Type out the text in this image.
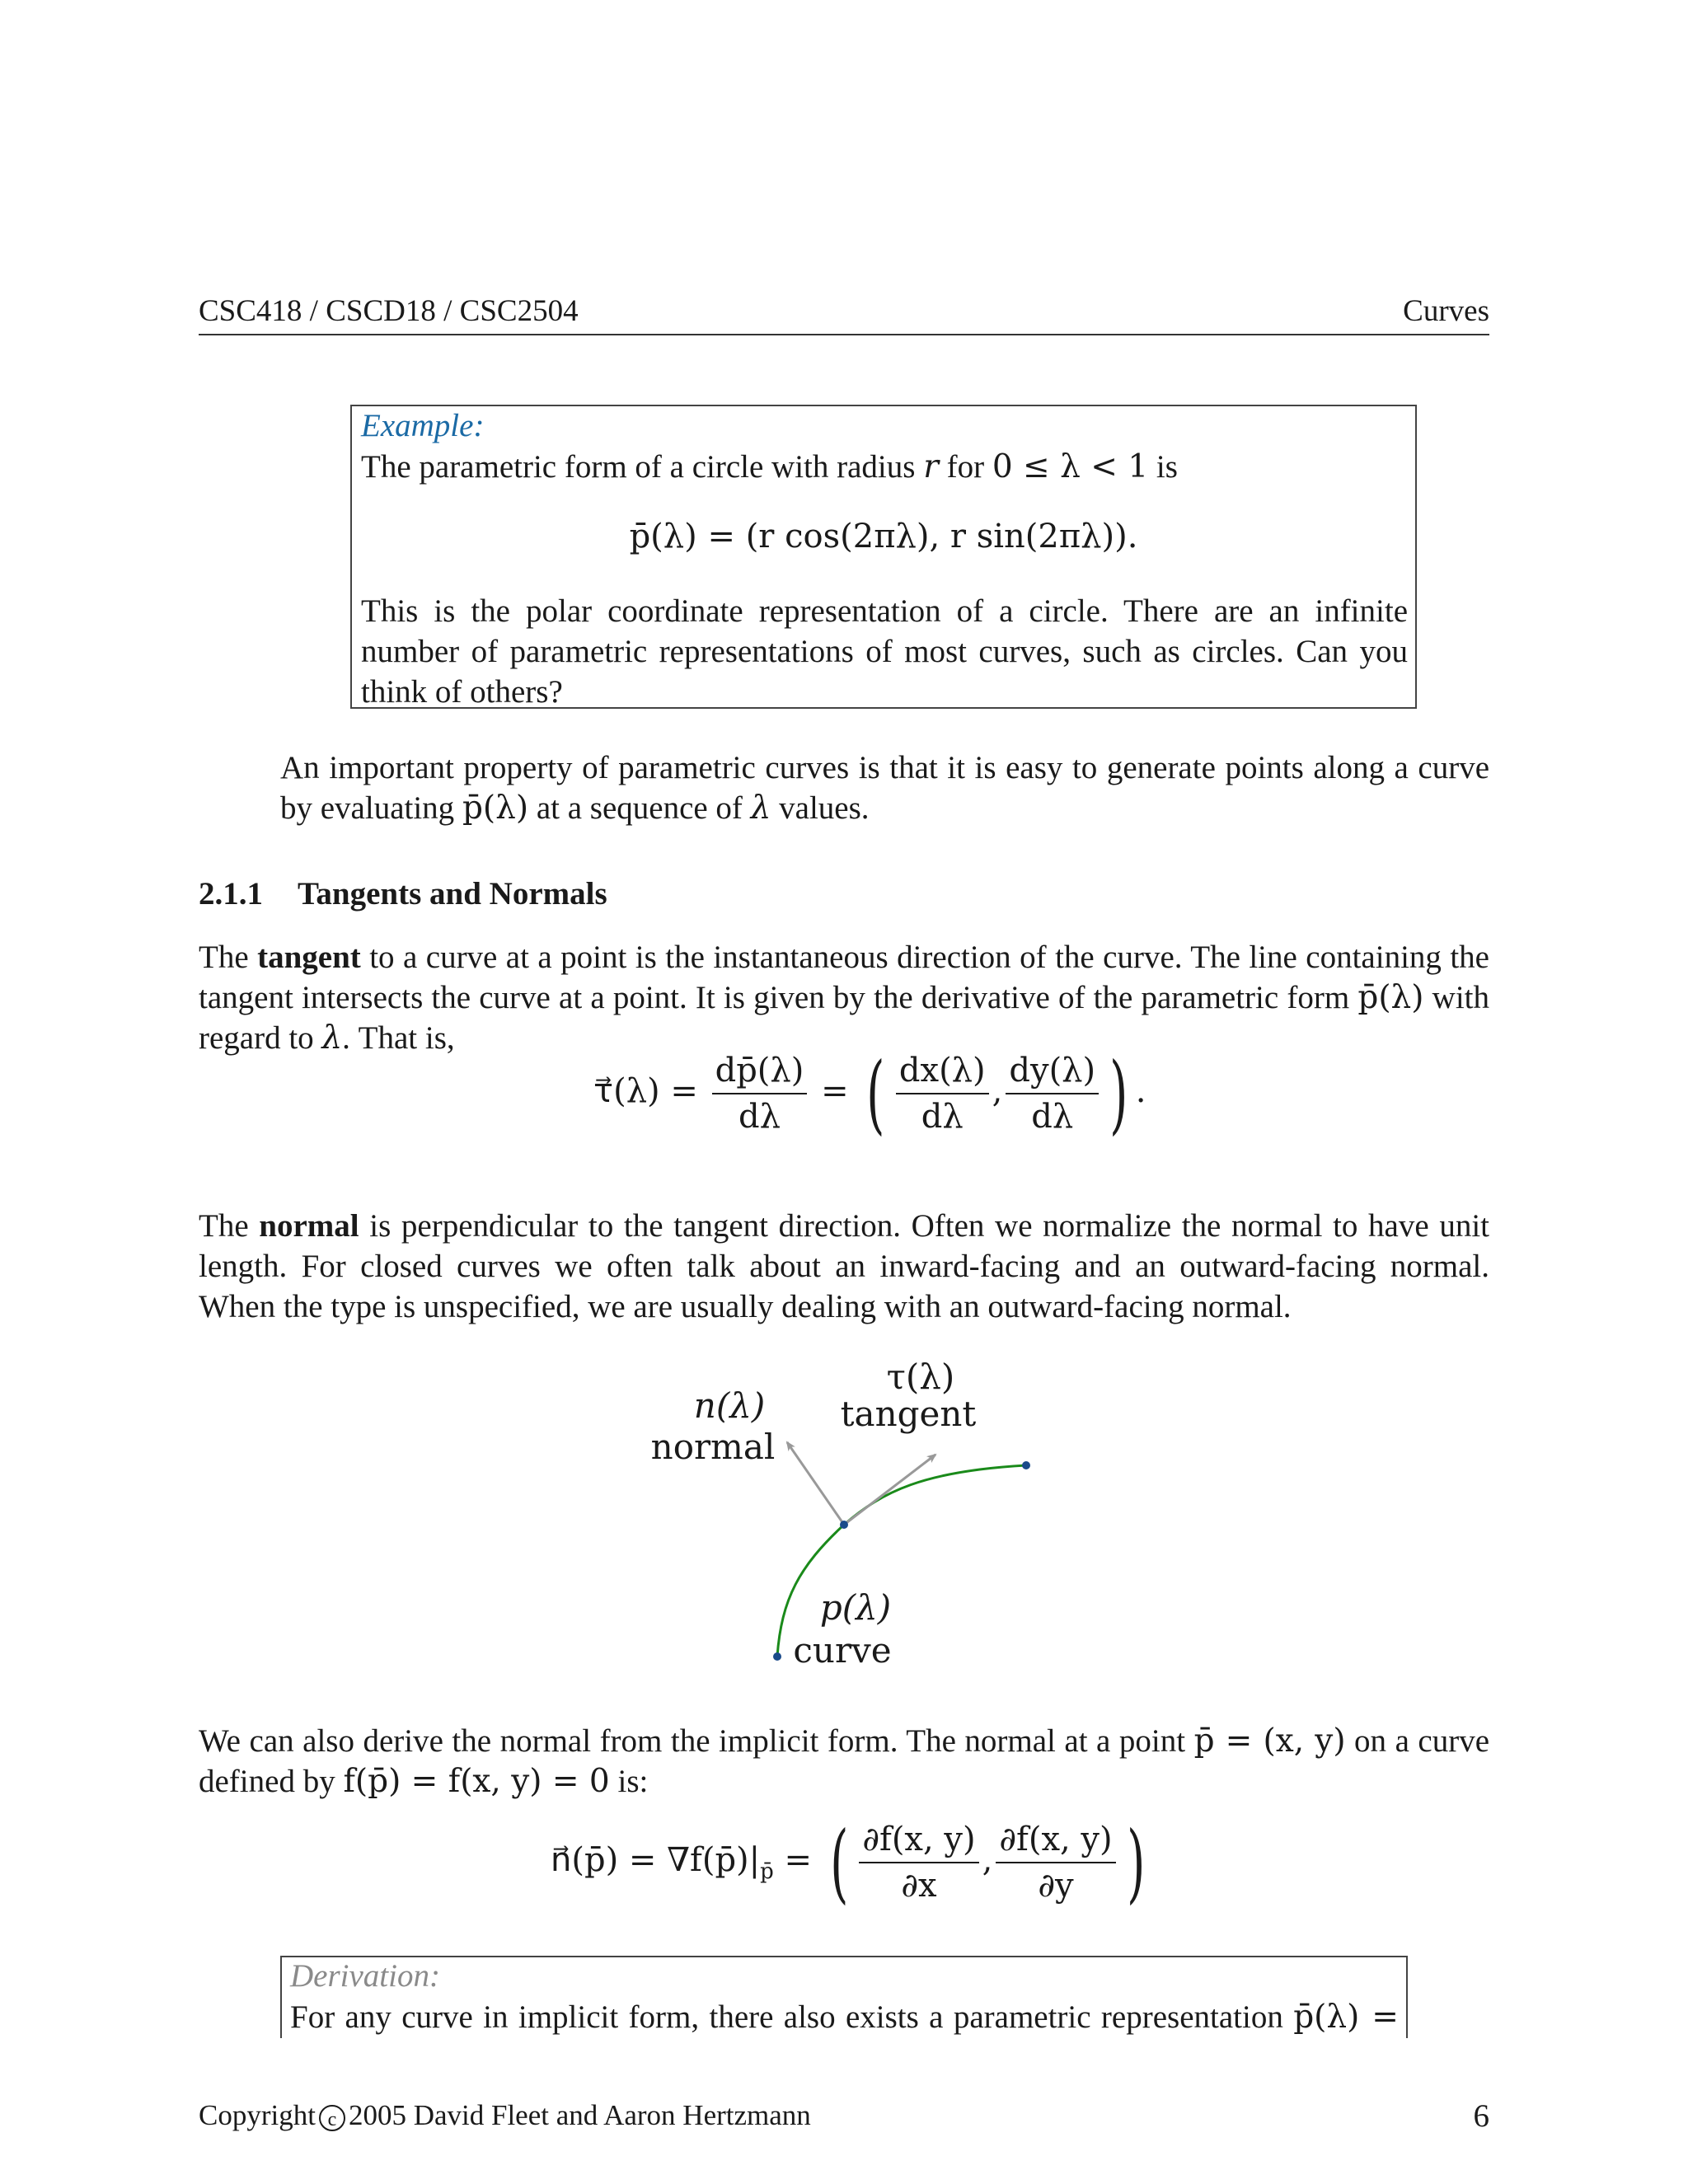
CSC418 / CSCD18 / CSC2504	Curves
Example:
The parametric form of a circle with radius r for 0 ≤ λ < 1 is
p̄(λ) = (r cos(2πλ), r sin(2πλ)).
This is the polar coordinate representation of a circle. There are an infinite number of parametric representations of most curves, such as circles. Can you think of others?
An important property of parametric curves is that it is easy to generate points along a curve by evaluating p̄(λ) at a sequence of λ values.
2.1.1 Tangents and Normals
The tangent to a curve at a point is the instantaneous direction of the curve. The line containing the tangent intersects the curve at a point. It is given by the derivative of the parametric form p̄(λ) with regard to λ. That is,
τ⃗(λ) = $\frac{dp̄(\lambda)}{d\lambda}$ = ( $\frac{dx(\lambda)}{d\lambda}$ , $\frac{dy(\lambda)}{d\lambda}$ ) .
The normal is perpendicular to the tangent direction. Often we normalize the normal to have unit length. For closed curves we often talk about an inward-facing and an outward-facing normal. When the type is unspecified, we are usually dealing with an outward-facing normal.
n(λ)
normal
τ(λ)
tangent
p(λ)
curve
We can also derive the normal from the implicit form. The normal at a point p̄ = (x, y) on a curve defined by f(p̄) = f(x, y) = 0 is:
n⃗(p̄) = $\nabla f(p̄)|_{p̄}$ = ( $\frac{\partial f(x, y)}{\partial x}$ , $\frac{\partial f(x, y)}{\partial y}$ )
Derivation:
For any curve in implicit form, there also exists a parametric representation p̄(λ) =
Copyright c 2005 David Fleet and Aaron Hertzmann	6
